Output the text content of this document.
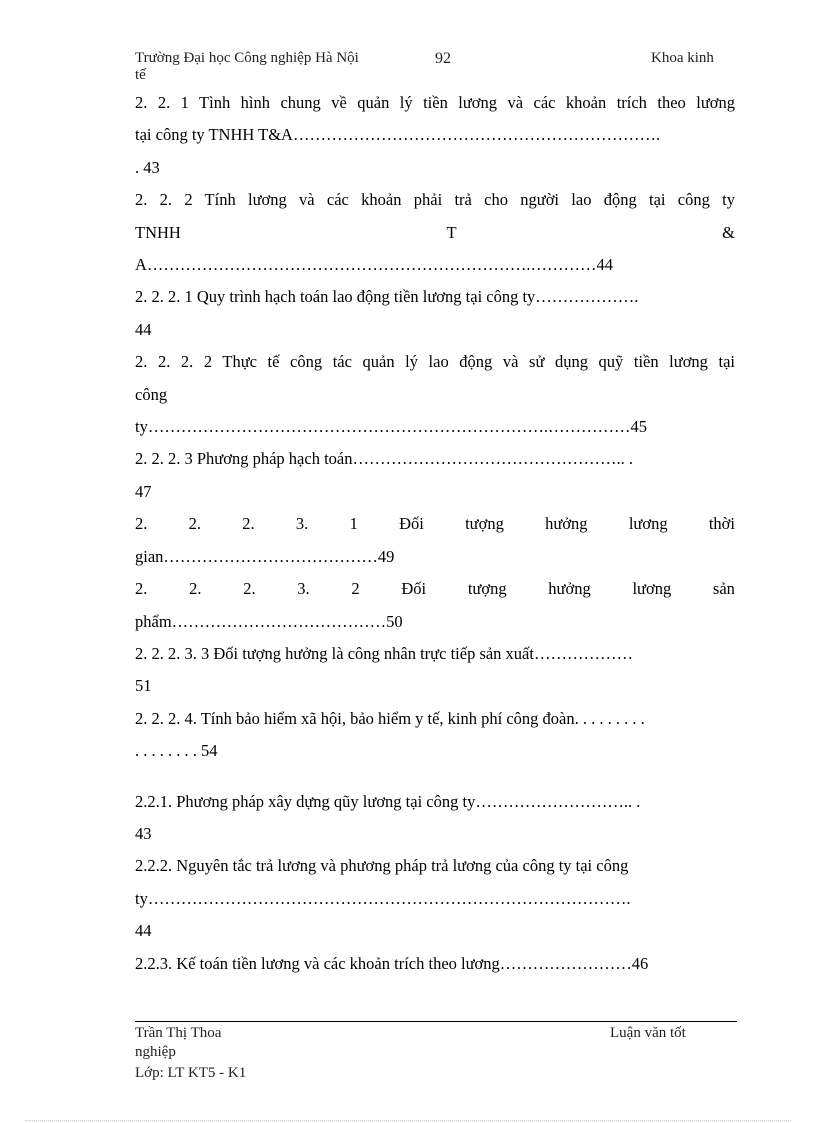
Trường Đại học Công nghiệp Hà Nội	92	Khoa kinh
tế

2. 2. 1 Tình hình chung về quản lý tiền lương và các khoản trích theo lương
tại công ty TNHH T&A………………………………………………………….
. 43

2. 2. 2 Tính lương và các khoản phải trả cho người lao động tại công ty
TNHH	T	&
A…………………………………………………………….…………44

2. 2. 2. 1 Quy trình hạch toán lao động tiền lương tại công ty……………….
44

2. 2. 2. 2 Thực tế công tác quản lý lao động và sử dụng quỹ tiền lương tại
công
ty……………………………………………………………….……………45

2. 2. 2. 3 Phương pháp hạch toán………………………………………….. .
47

2.	2.	2.	3.	1	Đối	tượng	hưởng	lương	thời
gian…………………………………49

2.	2.	2.	3.	2	Đối	tượng	hưởng	lương	sản
phẩm…………………………………50

2. 2. 2. 3. 3 Đối tượng hưởng là công nhân trực tiếp sản xuất………………
51

2. 2. 2. 4. Tính bảo hiểm xã hội, bảo hiểm y tế, kinh phí công đoàn. . . . . . . . .
. . . . . . . . 54

2.2.1. Phương pháp xây dựng qũy lương tại công ty……………………….. .
43

2.2.2. Nguyên tắc trả lương và phương pháp trả lương của công ty tại công
ty…………………………………………………………………………….
44

2.2.3. Kế toán tiền lương và các khoản trích theo lương……………………46

Trần Thị Thoa	Luận văn tốt
nghiệp
Lớp: LT KT5 - K1
